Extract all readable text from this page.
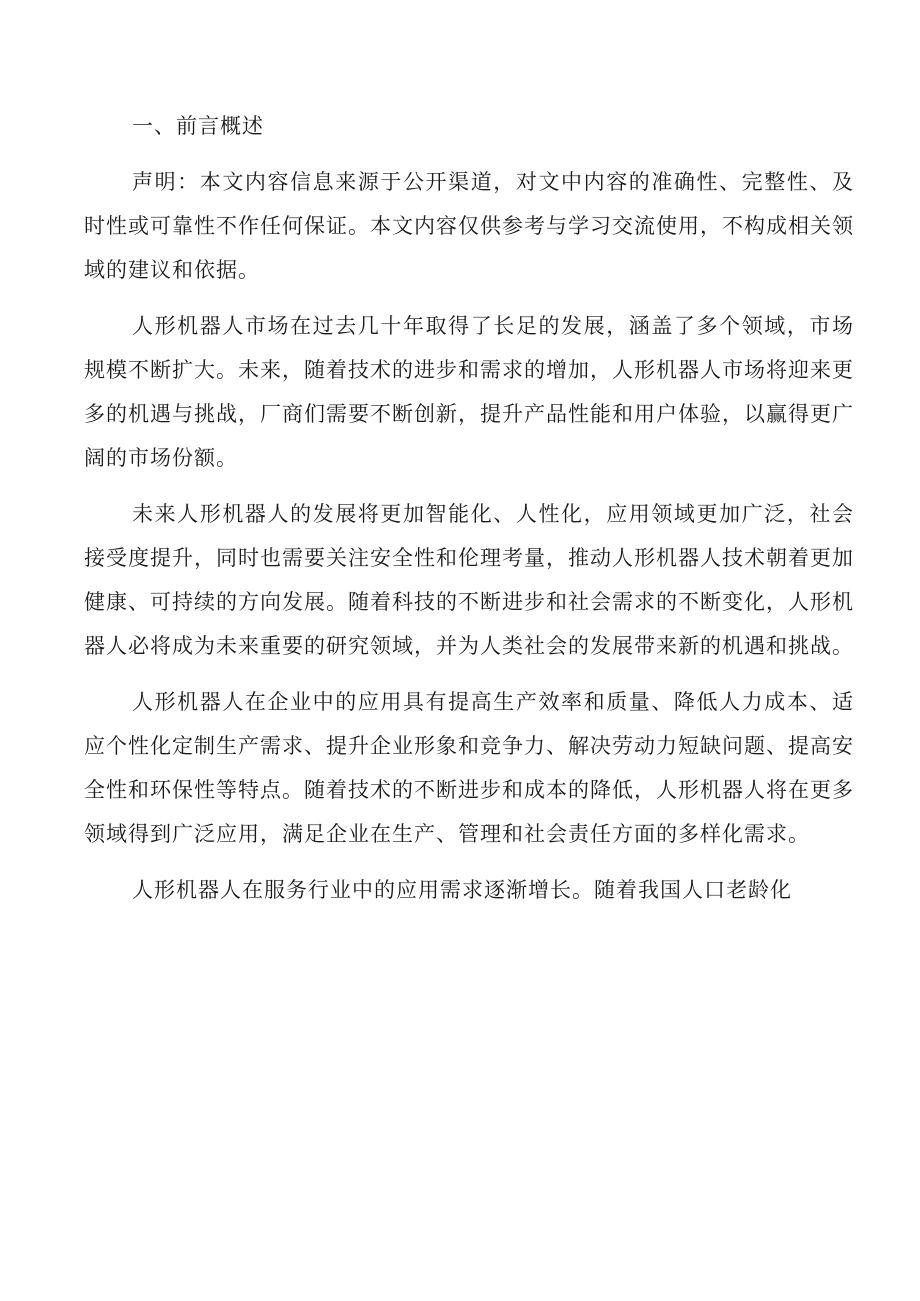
一、前言概述

声明：本文内容信息来源于公开渠道，对文中内容的准确性、完整性、及时性或可靠性不作任何保证。本文内容仅供参考与学习交流使用，不构成相关领域的建议和依据。

人形机器人市场在过去几十年取得了长足的发展，涵盖了多个领域，市场规模不断扩大。未来，随着技术的进步和需求的增加，人形机器人市场将迎来更多的机遇与挑战，厂商们需要不断创新，提升产品性能和用户体验，以赢得更广阔的市场份额。

未来人形机器人的发展将更加智能化、人性化，应用领域更加广泛，社会接受度提升，同时也需要关注安全性和伦理考量，推动人形机器人技术朝着更加健康、可持续的方向发展。随着科技的不断进步和社会需求的不断变化，人形机器人必将成为未来重要的研究领域，并为人类社会的发展带来新的机遇和挑战。

人形机器人在企业中的应用具有提高生产效率和质量、降低人力成本、适应个性化定制生产需求、提升企业形象和竞争力、解决劳动力短缺问题、提高安全性和环保性等特点。随着技术的不断进步和成本的降低，人形机器人将在更多领域得到广泛应用，满足企业在生产、管理和社会责任方面的多样化需求。

人形机器人在服务行业中的应用需求逐渐增长。随着我国人口老龄化
